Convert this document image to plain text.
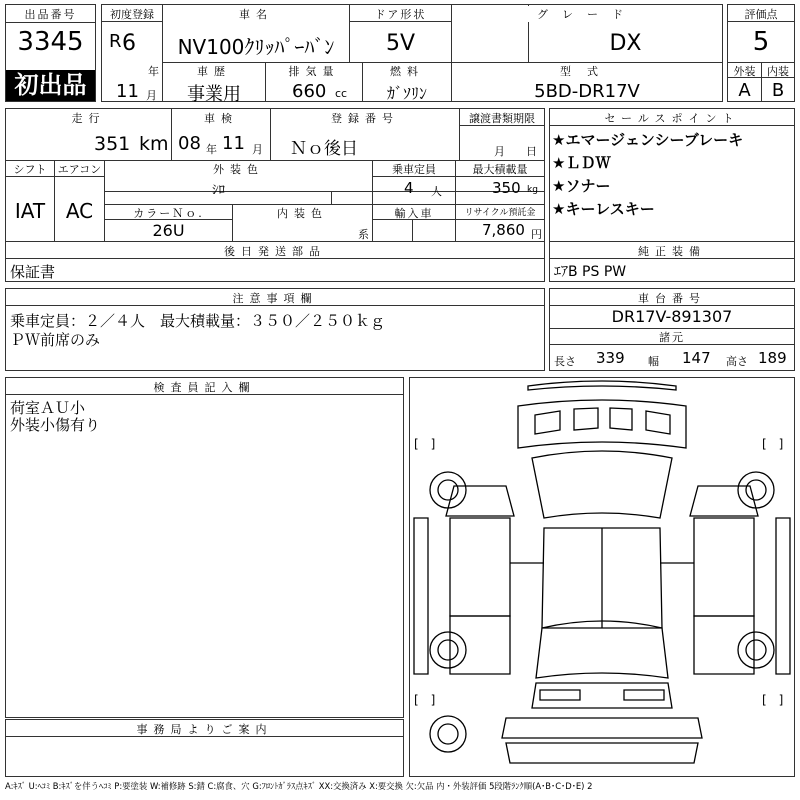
出品番号
3345
初出品
初度登録
R 6
年
11 月
車名
NV100ｸﾘｯﾊﾟｰﾊﾞﾝ
ドア形状
5V
グレード
DX
車歴
事業用
排気量
660 cc
燃料
ｶﾞｿﾘﾝ
型式
5BD-DR17V
評価点
5
外装	内装
A	B
走行
351 km
車検
08 年 11 月
登録番号
Ｎｏ後日
譲渡書類期限
月 日
シフト
IAT
エアコン
AC
外装色
ｼﾛ
乗車定員
4 人
最大積載量
350 kg
カラーＮｏ.
26U
内装色
系
輸入車	リサイクル預託金
7,860 円
セールスポイント
★エマージェンシーブレーキ
★ＬＤＷ
★ソナー
★キーレスキー
後日発送部品
保証書
純正装備
ｴｱB PS PW
注意事項欄
乗車定員：２／４人　最大積載量：３５０／２５０ｋｇ
ＰＷ前席のみ
車台番号
DR17V-891307
諸元
長さ 339 幅 147 高さ 189
検査員記入欄
荷室ＡＵ小
外装小傷有り
事務局よりご案内
[　]	[　]
[　]	[　]
A:ｷｽﾞ U:ﾍｺﾐ B:ｷｽﾞを伴うﾍｺﾐ P:要塗装 W:補修跡 S:錆 C:腐食、穴 G:ﾌﾛﾝﾄｶﾞﾗｽ点ｷｽﾞ XX:交換済み X:要交換 欠:欠品 内・外装評価 5段階ﾗﾝｸ順(A･B･C･D･E) 2
